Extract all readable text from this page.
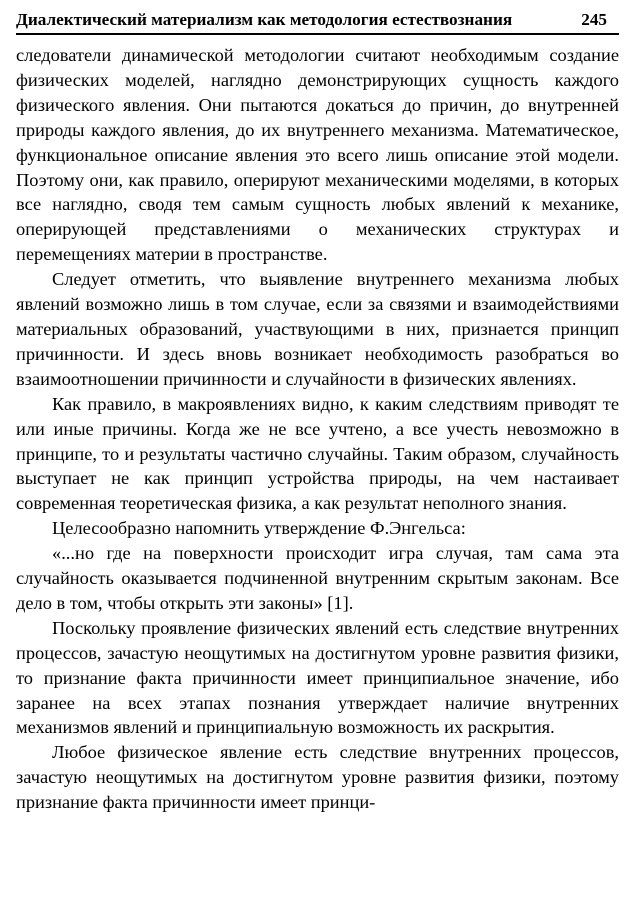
Диалектический материализм как методология естествознания	245

следователи динамической методологии считают необходимым создание физических моделей, наглядно демонстрирующих сущность каждого физического явления. Они пытаются докаться до причин, до внутренней природы каждого явления, до их внутреннего механизма. Математическое, функциональное описание явления это всего лишь описание этой модели. Поэтому они, как правило, оперируют механическими моделями, в которых все наглядно, сводя тем самым сущность любых явлений к механике, оперирующей представлениями о механических структурах и перемещениях материи в пространстве.

Следует отметить, что выявление внутреннего механизма любых явлений возможно лишь в том случае, если за связями и взаимодействиями материальных образований, участвующими в них, признается принцип причинности. И здесь вновь возникает необходимость разобраться во взаимоотношении причинности и случайности в физических явлениях.

Как правило, в макроявлениях видно, к каким следствиям приводят те или иные причины. Когда же не все учтено, а все учесть невозможно в принципе, то и результаты частично случайны. Таким образом, случайность выступает не как принцип устройства природы, на чем настаивает современная теоретическая физика, а как результат неполного знания.

Целесообразно напомнить утверждение Ф.Энгельса:

«...но где на поверхности происходит игра случая, там сама эта случайность оказывается подчиненной внутренним скрытым законам. Все дело в том, чтобы открыть эти законы» [1].

Поскольку проявление физических явлений есть следствие внутренних процессов, зачастую неощутимых на достигнутом уровне развития физики, то признание факта причинности имеет принципиальное значение, ибо заранее на всех этапах познания утверждает наличие внутренних механизмов явлений и принципиальную возможность их раскрытия.

Любое физическое явление есть следствие внутренних процессов, зачастую неощутимых на достигнутом уровне развития физики, поэтому признание факта причинности имеет принци-
